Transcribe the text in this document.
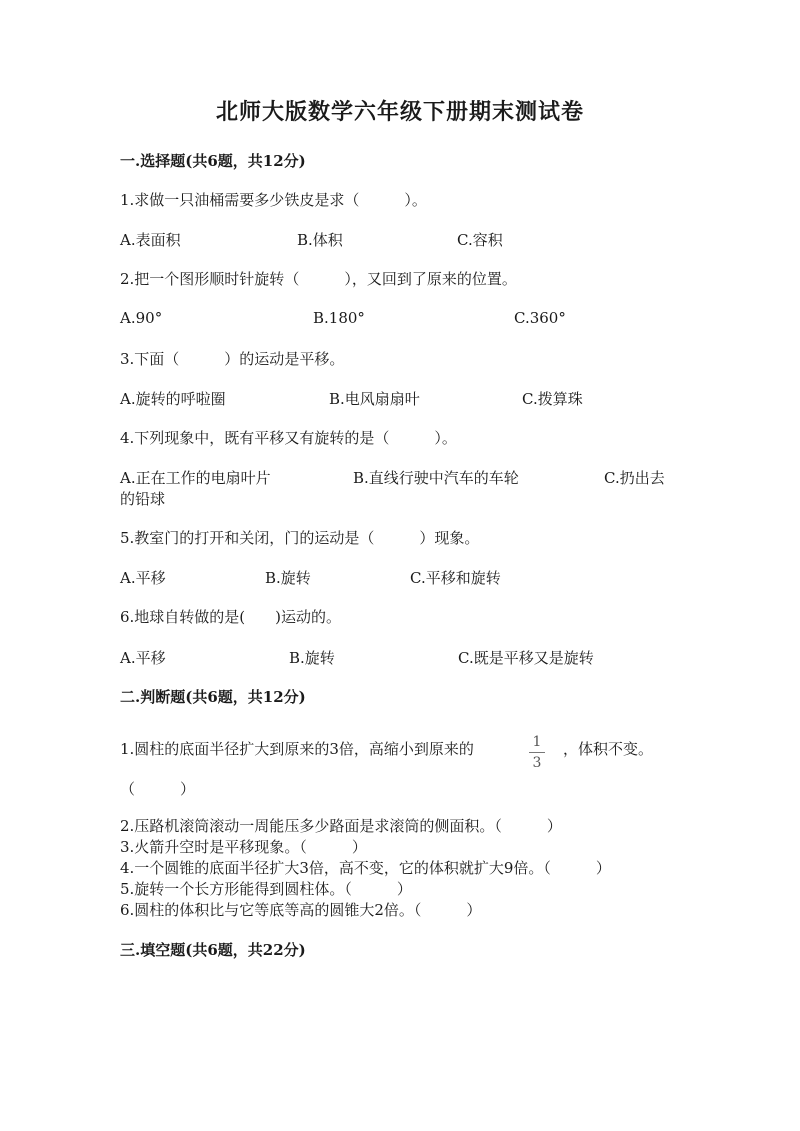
北师大版数学六年级下册期末测试卷
一.选择题(共6题，共12分)
1.求做一只油桶需要多少铁皮是求（　　　）。
A.表面积	B.体积	C.容积
2.把一个图形顺时针旋转（　　　），又回到了原来的位置。
A.90°	B.180°	C.360°
3.下面（　　　）的运动是平移。
A.旋转的呼啦圈	B.电风扇扇叶	C.拨算珠
4.下列现象中，既有平移又有旋转的是（　　　）。
A.正在工作的电扇叶片	B.直线行驶中汽车的车轮	C.扔出去
的铅球
5.教室门的打开和关闭，门的运动是（　　　）现象。
A.平移	B.旋转	C.平移和旋转
6.地球自转做的是(　　)运动的。
A.平移	B.旋转	C.既是平移又是旋转
二.判断题(共6题，共12分)
1.圆柱的底面半径扩大到原来的3倍，高缩小到原来的	1
3
，体积不变。
（　　　）
2.压路机滚筒滚动一周能压多少路面是求滚筒的侧面积。（　　　）
3.火箭升空时是平移现象。（　　　）
4.一个圆锥的底面半径扩大3倍，高不变，它的体积就扩大9倍。（　　　）
5.旋转一个长方形能得到圆柱体。（　　　）
6.圆柱的体积比与它等底等高的圆锥大2倍。（　　　）
三.填空题(共6题，共22分)
